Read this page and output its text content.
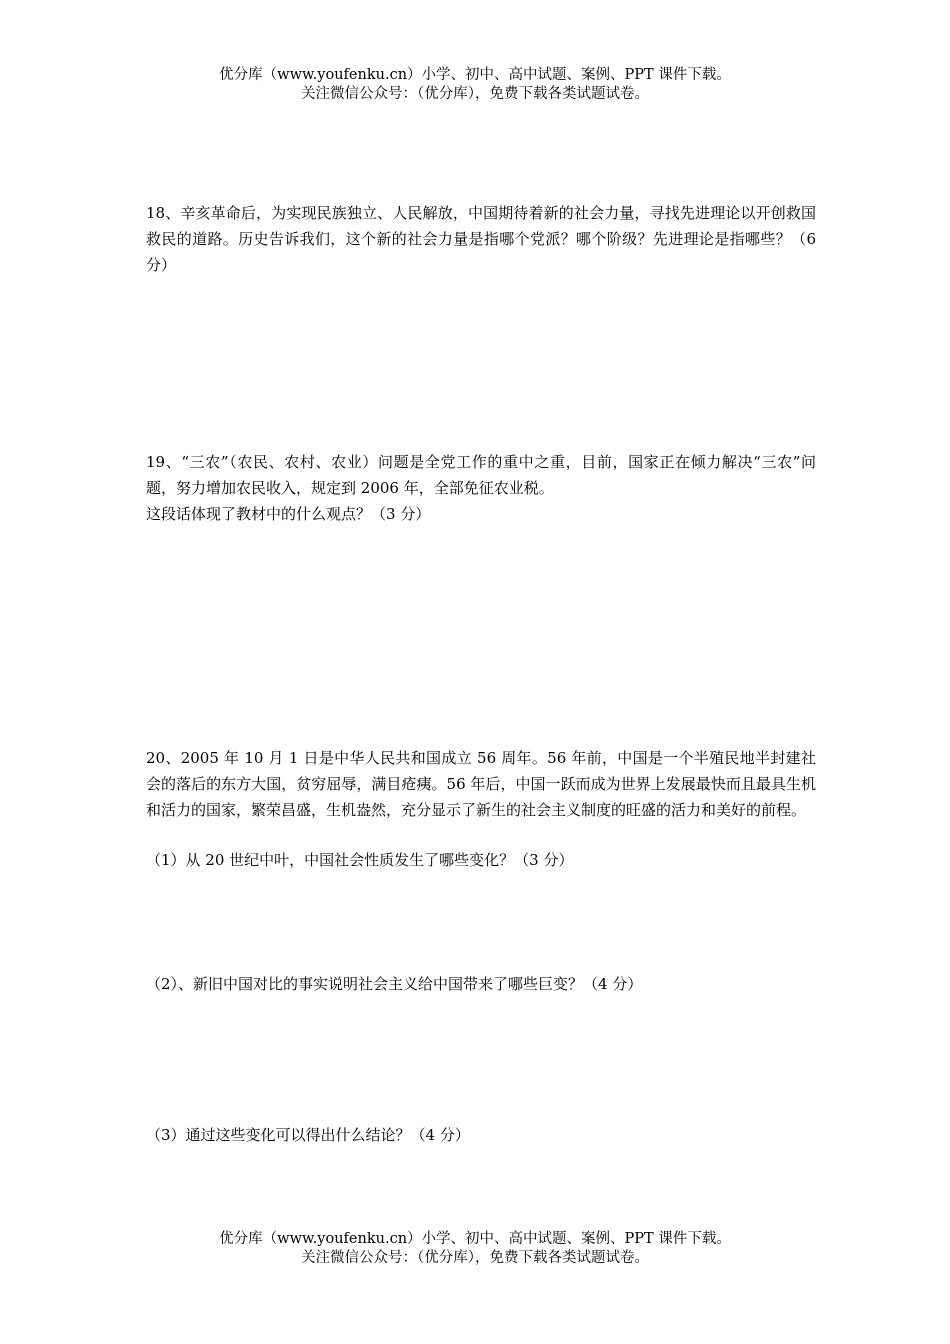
优分库（www.youfenku.cn）小学、初中、高中试题、案例、PPT 课件下载。
关注微信公众号：（优分库），免费下载各类试题试卷。

18、辛亥革命后，为实现民族独立、人民解放，中国期待着新的社会力量，寻找先进理论以开创救国救民的道路。历史告诉我们，这个新的社会力量是指哪个党派？哪个阶级？先进理论是指哪些？（6 分）

19、“三农”（农民、农村、农业）问题是全党工作的重中之重，目前，国家正在倾力解决“三农”问题，努力增加农民收入，规定到 2006 年，全部免征农业税。

这段话体现了教材中的什么观点？（3 分）

20、2005 年 10 月 1 日是中华人民共和国成立 56 周年。56 年前，中国是一个半殖民地半封建社会的落后的东方大国，贫穷屈辱，满目疮痍。56 年后，中国一跃而成为世界上发展最快而且最具生机和活力的国家，繁荣昌盛，生机盎然，充分显示了新生的社会主义制度的旺盛的活力和美好的前程。

（1）从 20 世纪中叶，中国社会性质发生了哪些变化？（3 分）
（2）、新旧中国对比的事实说明社会主义给中国带来了哪些巨变？（4 分）
（3）通过这些变化可以得出什么结论？（4 分）
优分库（www.youfenku.cn）小学、初中、高中试题、案例、PPT 课件下载。
关注微信公众号：（优分库），免费下载各类试题试卷。
